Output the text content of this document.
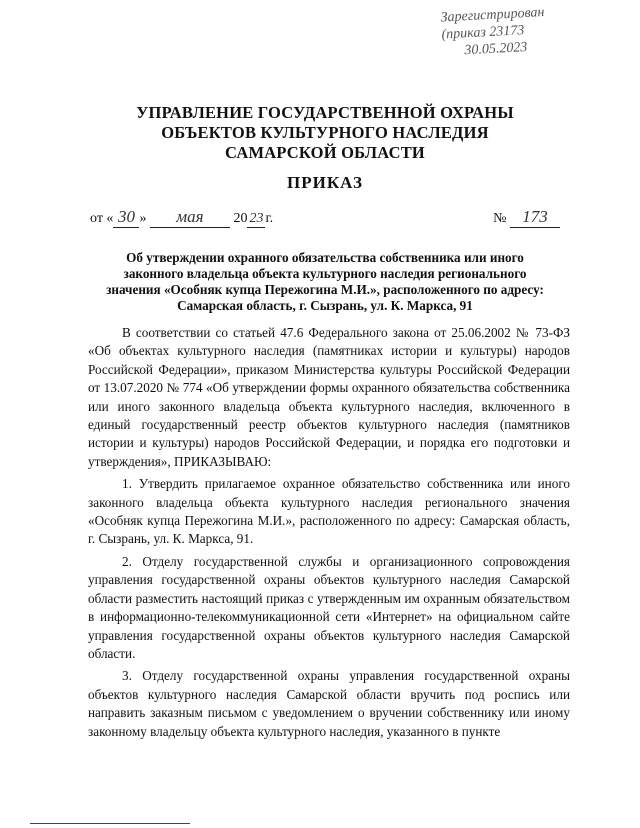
Зарегистрирован
(приказ 23173
30.05.2023
УПРАВЛЕНИЕ ГОСУДАРСТВЕННОЙ ОХРАНЫ
ОБЪЕКТОВ КУЛЬТУРНОГО НАСЛЕДИЯ
САМАРСКОЙ ОБЛАСТИ
ПРИКАЗ
от « 30 » мая 20 23 г.	№ 173
Об утверждении охранного обязательства собственника или иного законного владельца объекта культурного наследия регионального значения «Особняк купца Пережогина М.И.», расположенного по адресу: Самарская область, г. Сызрань, ул. К. Маркса, 91

В соответствии со статьей 47.6 Федерального закона от 25.06.2002 № 73-ФЗ «Об объектах культурного наследия (памятниках истории и культуры) народов Российской Федерации», приказом Министерства культуры Российской Федерации от 13.07.2020 № 774 «Об утверждении формы охранного обязательства собственника или иного законного владельца объекта культурного наследия, включенного в единый государственный реестр объектов культурного наследия (памятников истории и культуры) народов Российской Федерации, и порядка его подготовки и утверждения», ПРИКАЗЫВАЮ:

1. Утвердить прилагаемое охранное обязательство собственника или иного законного владельца объекта культурного наследия регионального значения «Особняк купца Пережогина М.И.», расположенного по адресу: Самарская область, г. Сызрань, ул. К. Маркса, 91.

2. Отделу государственной службы и организационного сопровождения управления государственной охраны объектов культурного наследия Самарской области разместить настоящий приказ с утвержденным им охранным обязательством в информационно-телекоммуникационной сети «Интернет» на официальном сайте управления государственной охраны объектов культурного наследия Самарской области.

3. Отделу государственной охраны управления государственной охраны объектов культурного наследия Самарской области вручить под роспись или направить заказным письмом с уведомлением о вручении собственнику или иному законному владельцу объекта культурного наследия, указанного в пункте
